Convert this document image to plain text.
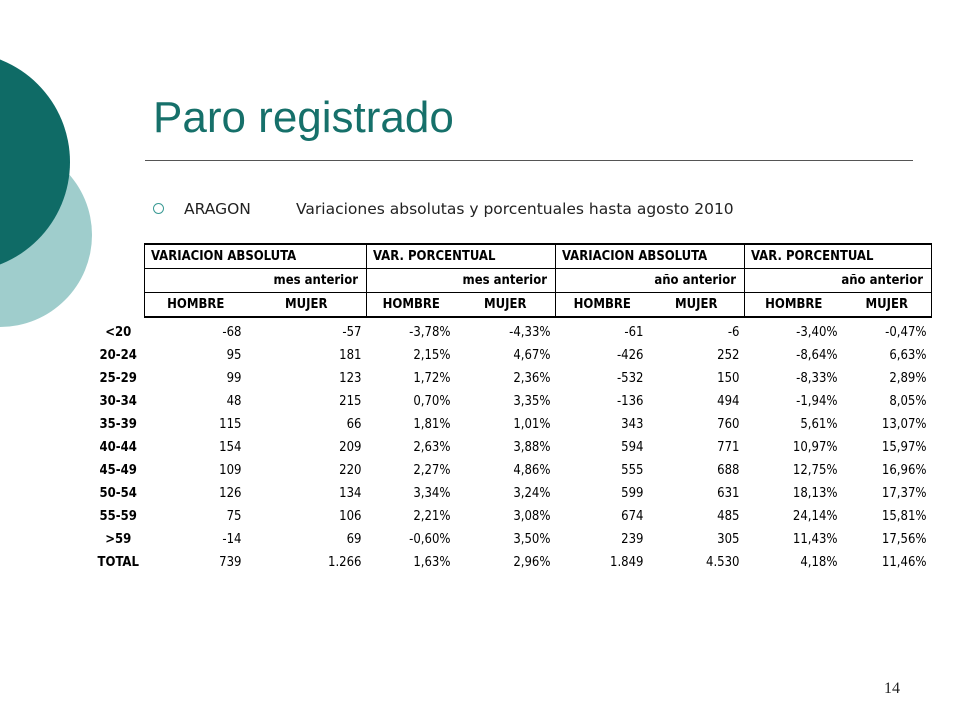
Paro registrado
ARAGON	Variaciones absolutas y porcentuales hasta agosto 2010
	VARIACION ABSOLUTA		VAR. PORCENTUAL		VARIACION ABSOLUTA		VAR. PORCENTUAL	
	mes anterior		mes anterior		año anterior		año anterior	
	HOMBRE	MUJER	HOMBRE	MUJER	HOMBRE	MUJER	HOMBRE	MUJER
<20	-68	-57	-3,78%	-4,33%	-61	-6	-3,40%	-0,47%
20-24	95	181	2,15%	4,67%	-426	252	-8,64%	6,63%
25-29	99	123	1,72%	2,36%	-532	150	-8,33%	2,89%
30-34	48	215	0,70%	3,35%	-136	494	-1,94%	8,05%
35-39	115	66	1,81%	1,01%	343	760	5,61%	13,07%
40-44	154	209	2,63%	3,88%	594	771	10,97%	15,97%
45-49	109	220	2,27%	4,86%	555	688	12,75%	16,96%
50-54	126	134	3,34%	3,24%	599	631	18,13%	17,37%
55-59	75	106	2,21%	3,08%	674	485	24,14%	15,81%
>59	-14	69	-0,60%	3,50%	239	305	11,43%	17,56%
TOTAL	739	1.266	1,63%	2,96%	1.849	4.530	4,18%	11,46%
14
